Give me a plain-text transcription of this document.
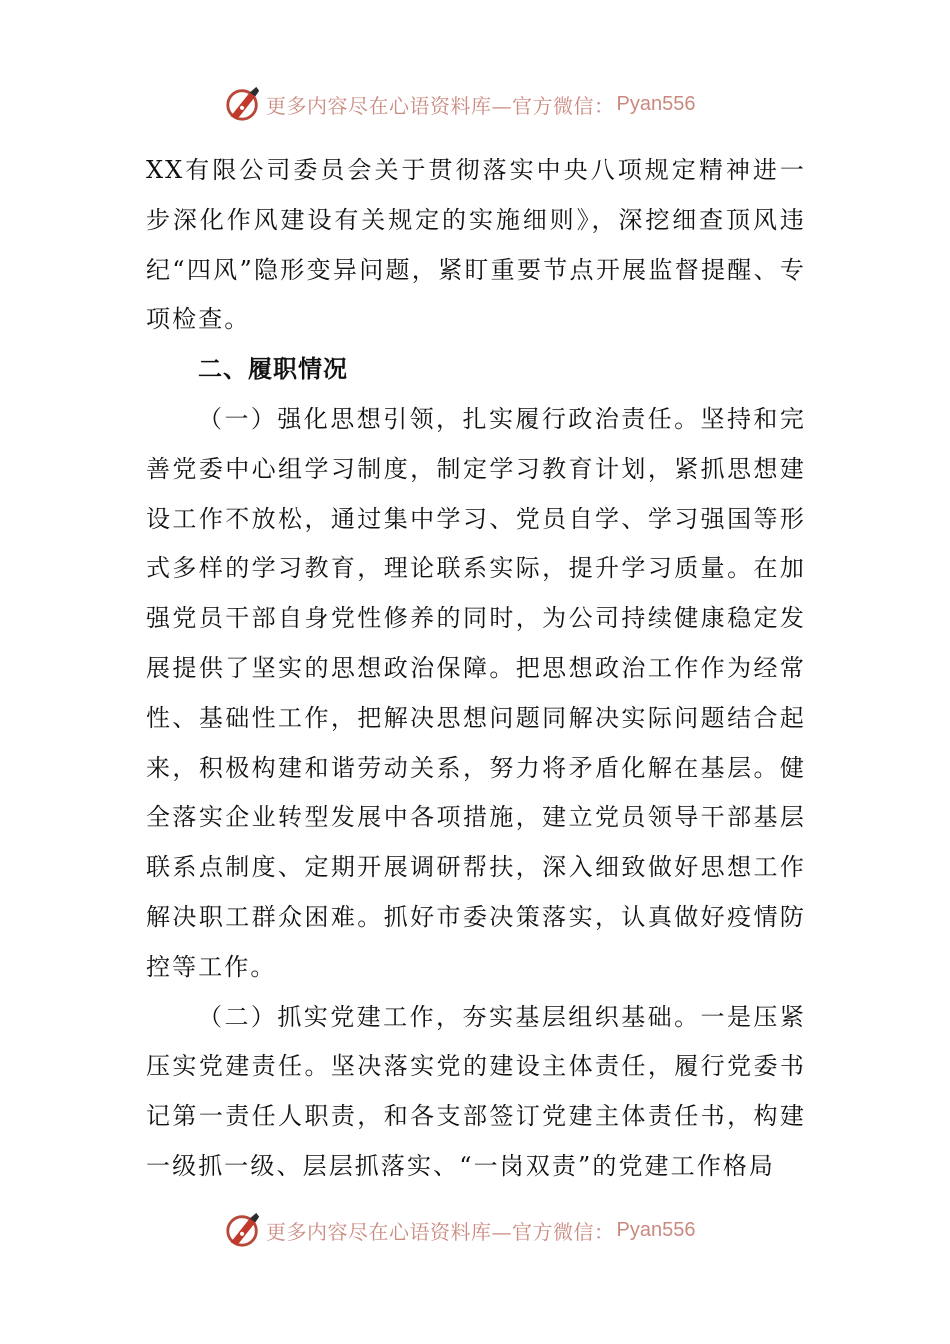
更多内容尽在心语资料库—官方微信： Pyan556

XX有限公司委员会关于贯彻落实中央八项规定精神进一步深化作风建设有关规定的实施细则》，深挖细查顶风违纪“四风”隐形变异问题，紧盯重要节点开展监督提醒、专项检查。

二、履职情况

（一）强化思想引领，扎实履行政治责任。坚持和完善党委中心组学习制度，制定学习教育计划，紧抓思想建设工作不放松，通过集中学习、党员自学、学习强国等形式多样的学习教育，理论联系实际，提升学习质量。在加强党员干部自身党性修养的同时，为公司持续健康稳定发展提供了坚实的思想政治保障。把思想政治工作作为经常性、基础性工作，把解决思想问题同解决实际问题结合起来，积极构建和谐劳动关系，努力将矛盾化解在基层。健全落实企业转型发展中各项措施，建立党员领导干部基层联系点制度、定期开展调研帮扶，深入细致做好思想工作解决职工群众困难。抓好市委决策落实，认真做好疫情防控等工作。

（二）抓实党建工作，夯实基层组织基础。一是压紧压实党建责任。坚决落实党的建设主体责任，履行党委书记第一责任人职责，和各支部签订党建主体责任书，构建一级抓一级、层层抓落实、“一岗双责”的党建工作格局

更多内容尽在心语资料库—官方微信： Pyan556
